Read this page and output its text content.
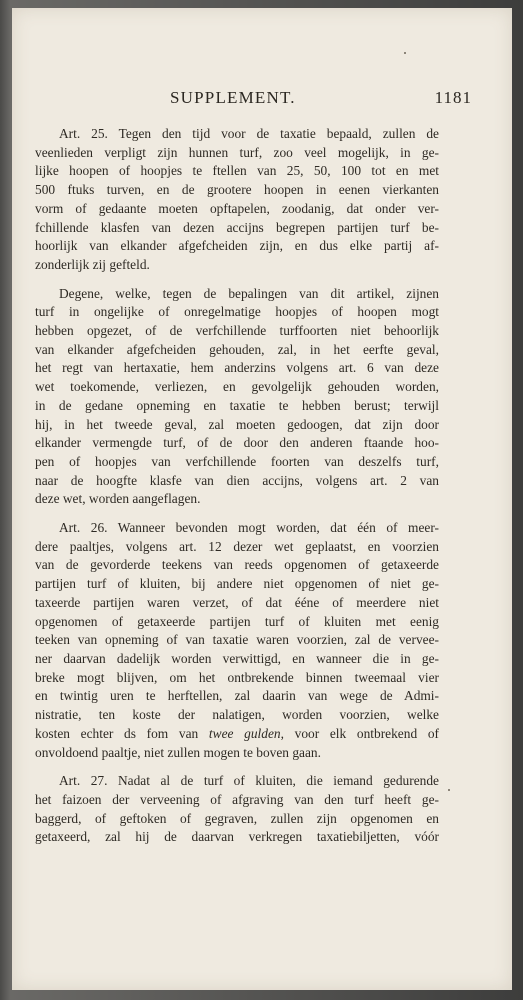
SUPPLEMENT.	1181
Art. 25. Tegen den tijd voor de taxatie bepaald, zullen de
veenlieden verpligt zijn hunnen turf, zoo veel mogelijk, in ge-
lijke hoopen of hoopjes te ftellen van 25, 50, 100 tot en met
500 ftuks turven, en de grootere hoopen in eenen vierkanten
vorm of gedaante moeten opftapelen, zoodanig, dat onder ver-
fchillende klasfen van dezen accijns begrepen partijen turf be-
hoorlijk van elkander afgefcheiden zijn, en dus elke partij af-
zonderlijk zij gefteld.
Degene, welke, tegen de bepalingen van dit artikel, zijnen
turf in ongelijke of onregelmatige hoopjes of hoopen mogt
hebben opgezet, of de verfchillende turffoorten niet behoorlijk
van elkander afgefcheiden gehouden, zal, in het eerfte geval,
het regt van hertaxatie, hem anderzins volgens art. 6 van deze
wet toekomende, verliezen, en gevolgelijk gehouden worden,
in de gedane opneming en taxatie te hebben berust; terwijl
hij, in het tweede geval, zal moeten gedoogen, dat zijn door
elkander vermengde turf, of de door den anderen ftaande hoo-
pen of hoopjes van verfchillende foorten van deszelfs turf,
naar de hoogfte klasfe van dien accijns, volgens art. 2 van
deze wet, worden aangeflagen.
Art. 26. Wanneer bevonden mogt worden, dat één of meer-
dere paaltjes, volgens art. 12 dezer wet geplaatst, en voorzien
van de gevorderde teekens van reeds opgenomen of getaxeerde
partijen turf of kluiten, bij andere niet opgenomen of niet ge-
taxeerde partijen waren verzet, of dat ééne of meerdere niet
opgenomen of getaxeerde partijen turf of kluiten met eenig
teeken van opneming of van taxatie waren voorzien, zal de verveе-
ner daarvan dadelijk worden verwittigd, en wanneer die in ge-
breke mogt blijven, om het ontbrekende binnen tweemaal vier
en twintig uren te herftellen, zal daarin van wege de Admi-
nistratie, ten koste der nalatigen, worden voorzien, welke
kosten echter ds fom van twee gulden, voor elk ontbrekend of
onvoldoend paaltje, niet zullen mogen te boven gaan.
Art. 27. Nadat al de turf of kluiten, die iemand gedurende
het faizoen der verveening of afgraving van den turf heeft ge-
baggerd, of geftoken of gegraven, zullen zijn opgenomen en
getaxeerd, zal hij de daarvan verkregen taxatiebiljetten, vóór
